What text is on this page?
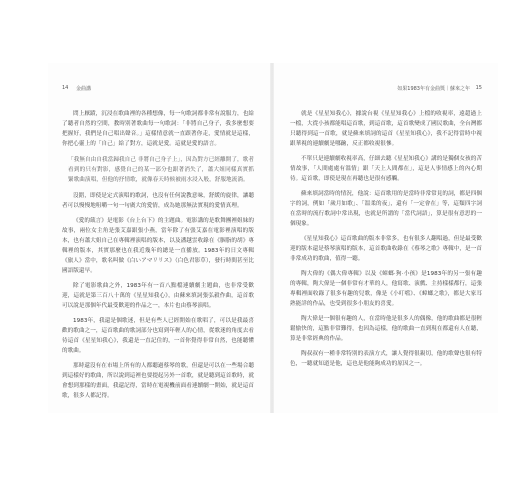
14 金曲講

問上厭蹟，沉浸在歌曲裡的各種想像，每一句歌詞都非常有說服力，也給了聽者自然的空間，教時別著歌曲每一句歌詞：「非將自己身子，我多麼想要把握好，我們是自己唱出聲音。」這樣情意就一直跟著你走，愛情就是這樣，你把心靈上的「自己」給了對方，這就是愛。這就是愛的語言。

「我無自由自我當歸我自己 非將自己身子上」，因為對方已經離開了，歌者看到的只有對影，感覺自己的某一部分也跟著消失了，蕭大姐同樣真實抓緊歌曲演唱，但他的抒情歌，就像春天時候被雨水浸入般，舒服地流淌。

沒錯，即使是定式演唱的歌詞，也沒有任何說教意味，舒緩的旋律，讓聽者可以慢慢地咀嚼一句一句廣大的愛情，成為她那無法實現的愛情真理。

《愛的箴言》是電影《台上台下》的主題曲。電影講的是歌舞團裡姐妹的故事，兩位女主角是張艾嘉跟張小燕，當年除了有張艾嘉在電影裡演唱的版本，也有蕭大姐自己在專輯裡演唱的版本，以及潘越雲收錄在《胭脂的胡》專輯裡的版本，其實那麼也在我近幾年的總是一直播放。1983年的日文專輯《旅人》當中，歌名叫做《白いアマリリス》（白色君影草），發行時間甚至比國語版還早。

除了電影歌曲之外，1983年有一首八點檔連續劇主題曲，也非常受歡迎，這就是第三百八十萬的《星星知我心》，由蘇來填詞張弘毅作曲，這首歌可以說是那個年代最受歡迎的作品之一，本片也由蔡琴演唱。

1983年，我還是個歌迷，但是有些人已經開始在歌唱了，可以是我最喜歡的歌曲之一，這首歌曲的歌詞部分也寫到年輕人的心情，從歌迷的角度去看待這首《星星知我心》，我還是一直記住的，一首你覺得非常自然，也能聽懂的歌曲。

那時還沒有在市場上所有的人都聽過蔡琴的歌，但還是可以在一些場合聽到這樣好的歌曲，所以說到這裡也要提起另外一首歌，就是聽到這首歌時，就會想到那樣的畫面，我還記得，當時在電視機前面看連續劇一開始，就是這首歌，很多人都記得。

如果1983年有金曲獎｜蘇來之年 15

就是《星星知我心》，據說台視《星星知我心》上檔的收視率，遠超過上一檔，大從小孩都能唱這首歌，到這首歌，這首歌變成了國民歌曲，全台灣都只聽得到這一首歌，就是蘇來填詞的這首《星星知我心》，我不記得當時中視跟華視的連續劇是哪齣，反正都收視很慘。

不單只是連續劇收視率高，仔細去聽《星星知我心》講的是獨個女孩的苦情故事，「人間處處有溫情」跟「天上人間都在」，這是人事情感上的內心期待。這首歌，即使是現在再聽也是很有感觸。

蘇來填詞當時的情況，他說：這首歌用的是當時非常常見的詞，都是四個字的詞，例如「歲月如歌」、「溫柔的夜」，還有「一定會在」等，這類四字詞在當時的流行歌詞中常出現，也就是所謂的「當代詞語」，算是很有意思的一個現象。

《星星知我心》這首歌曲的版本非常多，也有很多人翻唱過，但是最受歡迎的版本還是蔡琴演唱的版本，這首歌曲收錄在《蔡琴之歌》專輯中，是一首非常成功的歌曲，值得一聽。

陶大偉的《偶大偉專輯》以及《蟑螂·狗·小孩》是1983年的另一張有趣的專輯，陶大偉是一個非常有才華的人，他寫歌、演戲、主持樣樣都行，這張專輯裡面收錄了很多有趣的兒歌，像是《小叮噹》、《蟑螂之歌》，都是大家耳熟能詳的作品，也受到很多小朋友的喜愛。

陶大偉是一個很有趣的人，在當時他是很多人的偶像，他的歌曲都是很輕鬆愉快的，這點非常難得，也因為這樣，他的歌曲一直到現在都還有人在聽，算是非常經典的作品。

陶叔叔有一種非常特別的表演方式，讓人覺得很親切，他的歌聲也很有特色，一聽就知道是他，這也是他能夠成功的原因之一。
